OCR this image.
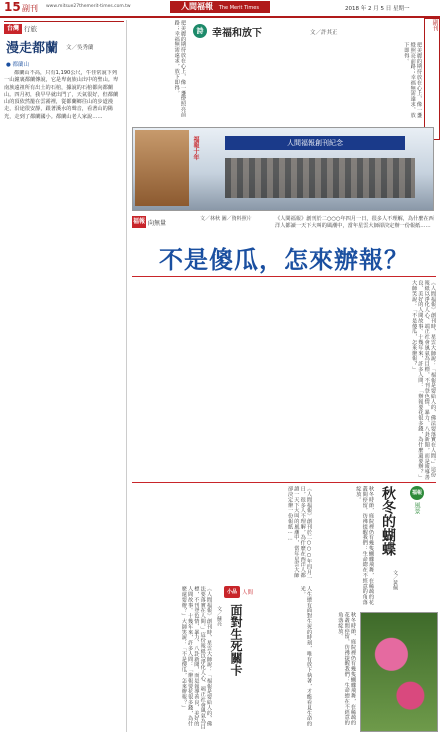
15 副刊 www.mitsue27themerit-times.com.tw	人間福報 The Merit Times	2018 年 2 月 5 日 星期一
台灣 行旅
漫走都蘭 文／吳秀蘭
● 都蘭山
都蘭山不高，只有1,190公尺，牛佳常說下列一山鐘裏都蘭傳說，它是卑南族山出中的聖山。卑南族遠祖所有出土的石棺，據說的石棺都向都蘭山。四月初，我早早就出門了，天氣很好，但都蘭山的頂依然籠在雲霧裡，從都蘭鄉往山的步道漫走，沿途很安靜，跟著溪水的聲音，看著山的陽光，走到了都蘭國小。都蘭山老人家說……	把美麗的期待放在心上，像一盞燈照亮前路；幸福無需遠求，放下即得。	詩 幸福和放下	文／許其正
把美麗的期待放在心上，像一盞燈照亮前路；幸福無需遠求，放下即得。
副刊
福報十年	人間福報創刊紀念
福報 向無量
文／林秋 圖／資料照片	《人間福報》創刊於二○○○年四月一日，很多人不理解，為什麼在西洋人都讀一天下大叫的風潮中，當年星雲大師卻決定辦一份報紙……
不是傻瓜，怎來辦報？
《人間福報》創刊時，星雲大師說：「福報是要給人的，佛法要落實在人間。」這份報紙以淨化人心、端正社會風氣為目標，不刊登色情、暴力、八卦新聞，而是報導善良、美好的人間故事。十幾年來，許多人問：「辦報要花很多錢，為什麼還要辦？」大師笑說：「不是傻瓜，怎來辦報？」
福報
風景
秋冬的蝴蝶
文／黃佩
秋冬時節，庭院裡仍有幾隻蝴蝶飛舞，在稀疏的花叢間停留，彷彿提醒我們：生命總在不經意的角落綻放。
秋冬時節，庭院裡仍有幾隻蝴蝶飛舞，在稀疏的花叢間停留，彷彿提醒我們：生命總在不經意的角落綻放。
小品 人間
面對生死關卡
文／蘇亮	人生總有面對生死的時刻，唯有放下執著，才能看見生命的光。
《人間福報》創刊時，星雲大師說：「福報是要給人的，佛法要落實在人間。」這份報紙以淨化人心、端正社會風氣為目標，不刊登色情、暴力、八卦新聞，而是報導善良、美好的人間故事。十幾年來，許多人問：「辦報要花很多錢，為什麼還要辦？」大師笑說：「不是傻瓜，怎來辦報？」
《人間福報》創刊於二○○○年四月一日，很多人不理解，為什麼在西洋人都讀一天下大叫的風潮中，當年星雲大師卻決定辦一份報紙……
